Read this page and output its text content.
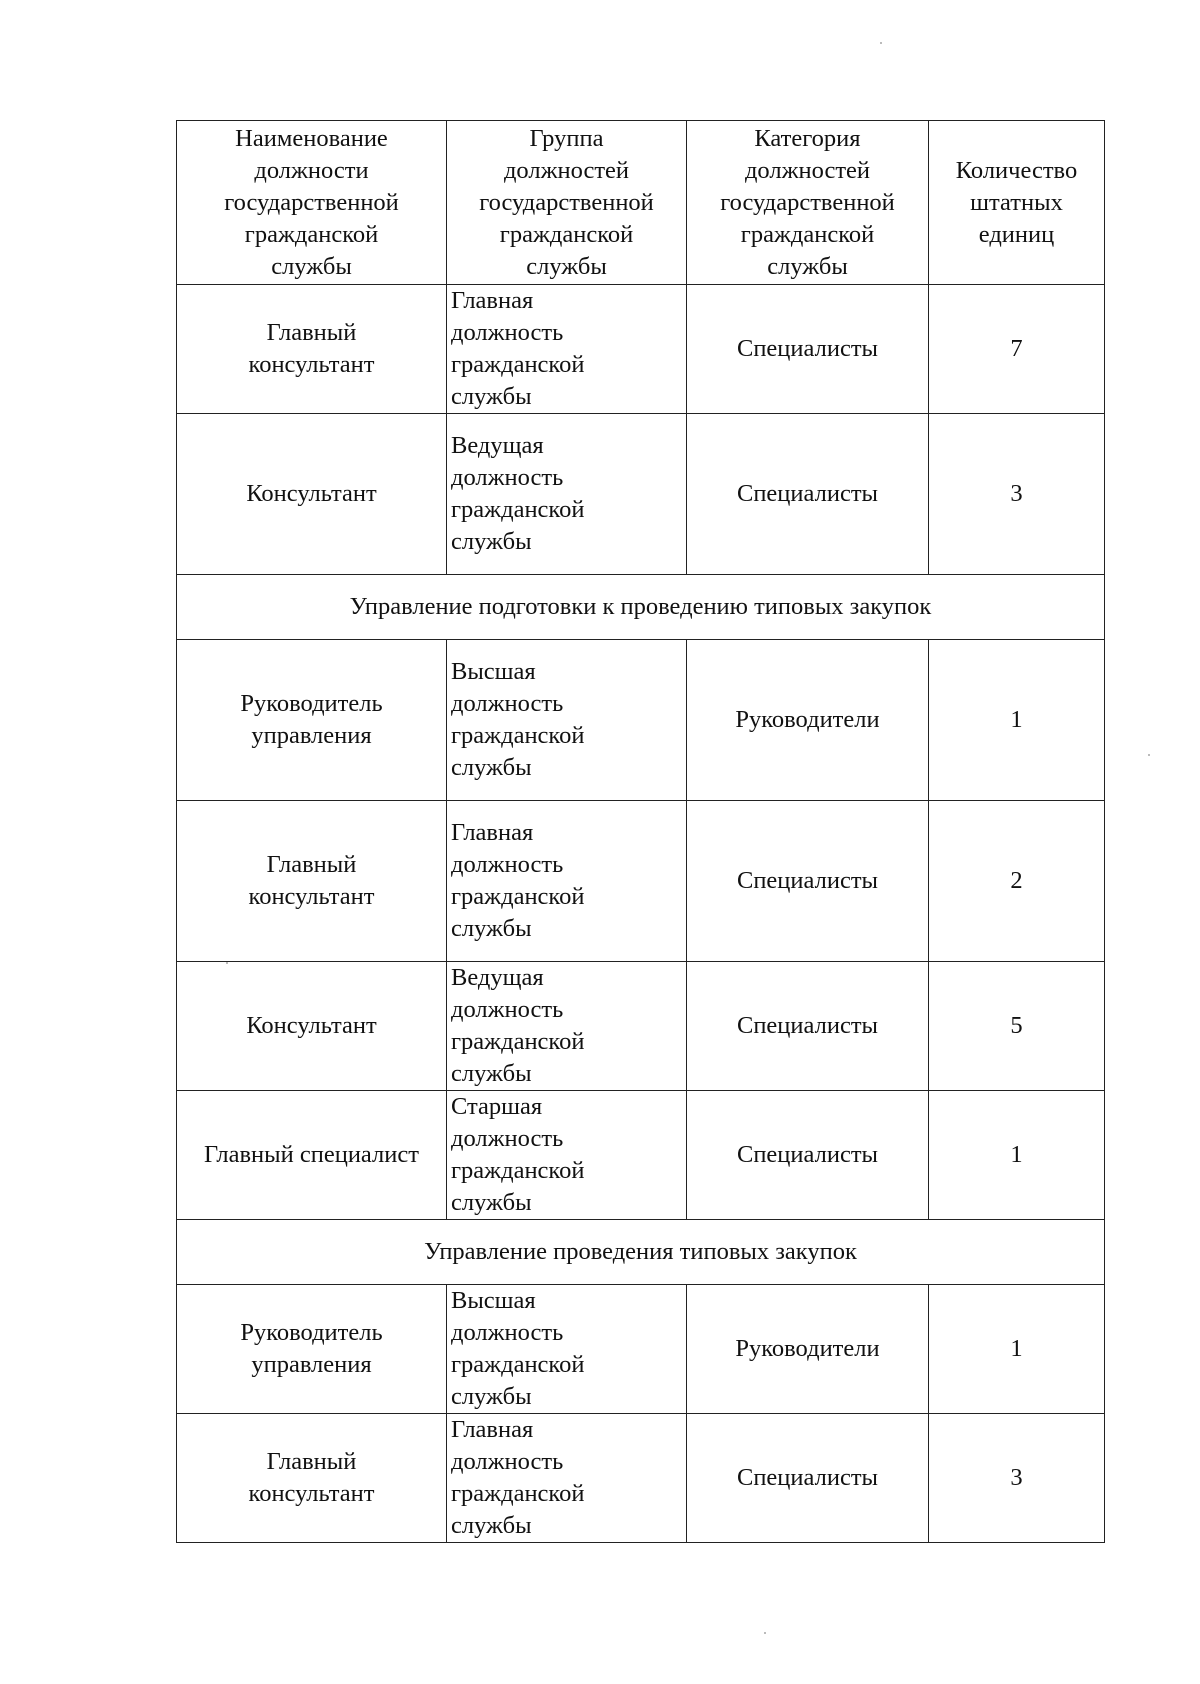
Наименование
должности
государственной
гражданской
службы	Группа
должностей
государственной
гражданской
службы	Категория
должностей
государственной
гражданской
службы	Количество
штатных
единиц

Главный
консультант	Главная
должность
гражданской
службы	Специалисты	7

Консультант	Ведущая
должность
гражданской
службы	Специалисты	3
Управление подготовки к проведению типовых закупок			

Руководитель
управления	Высшая
должность
гражданской
службы	Руководители	1

Главный
консультант	Главная
должность
гражданской
службы	Специалисты	2

Консультант	Ведущая
должность
гражданской
службы	Специалисты	5

Главный специалист	Старшая
должность
гражданской
службы	Специалисты	1
Управление проведения типовых закупок			

Руководитель
управления	Высшая
должность
гражданской
службы	Руководители	1

Главный
консультант	Главная
должность
гражданской
службы	Специалисты	3
